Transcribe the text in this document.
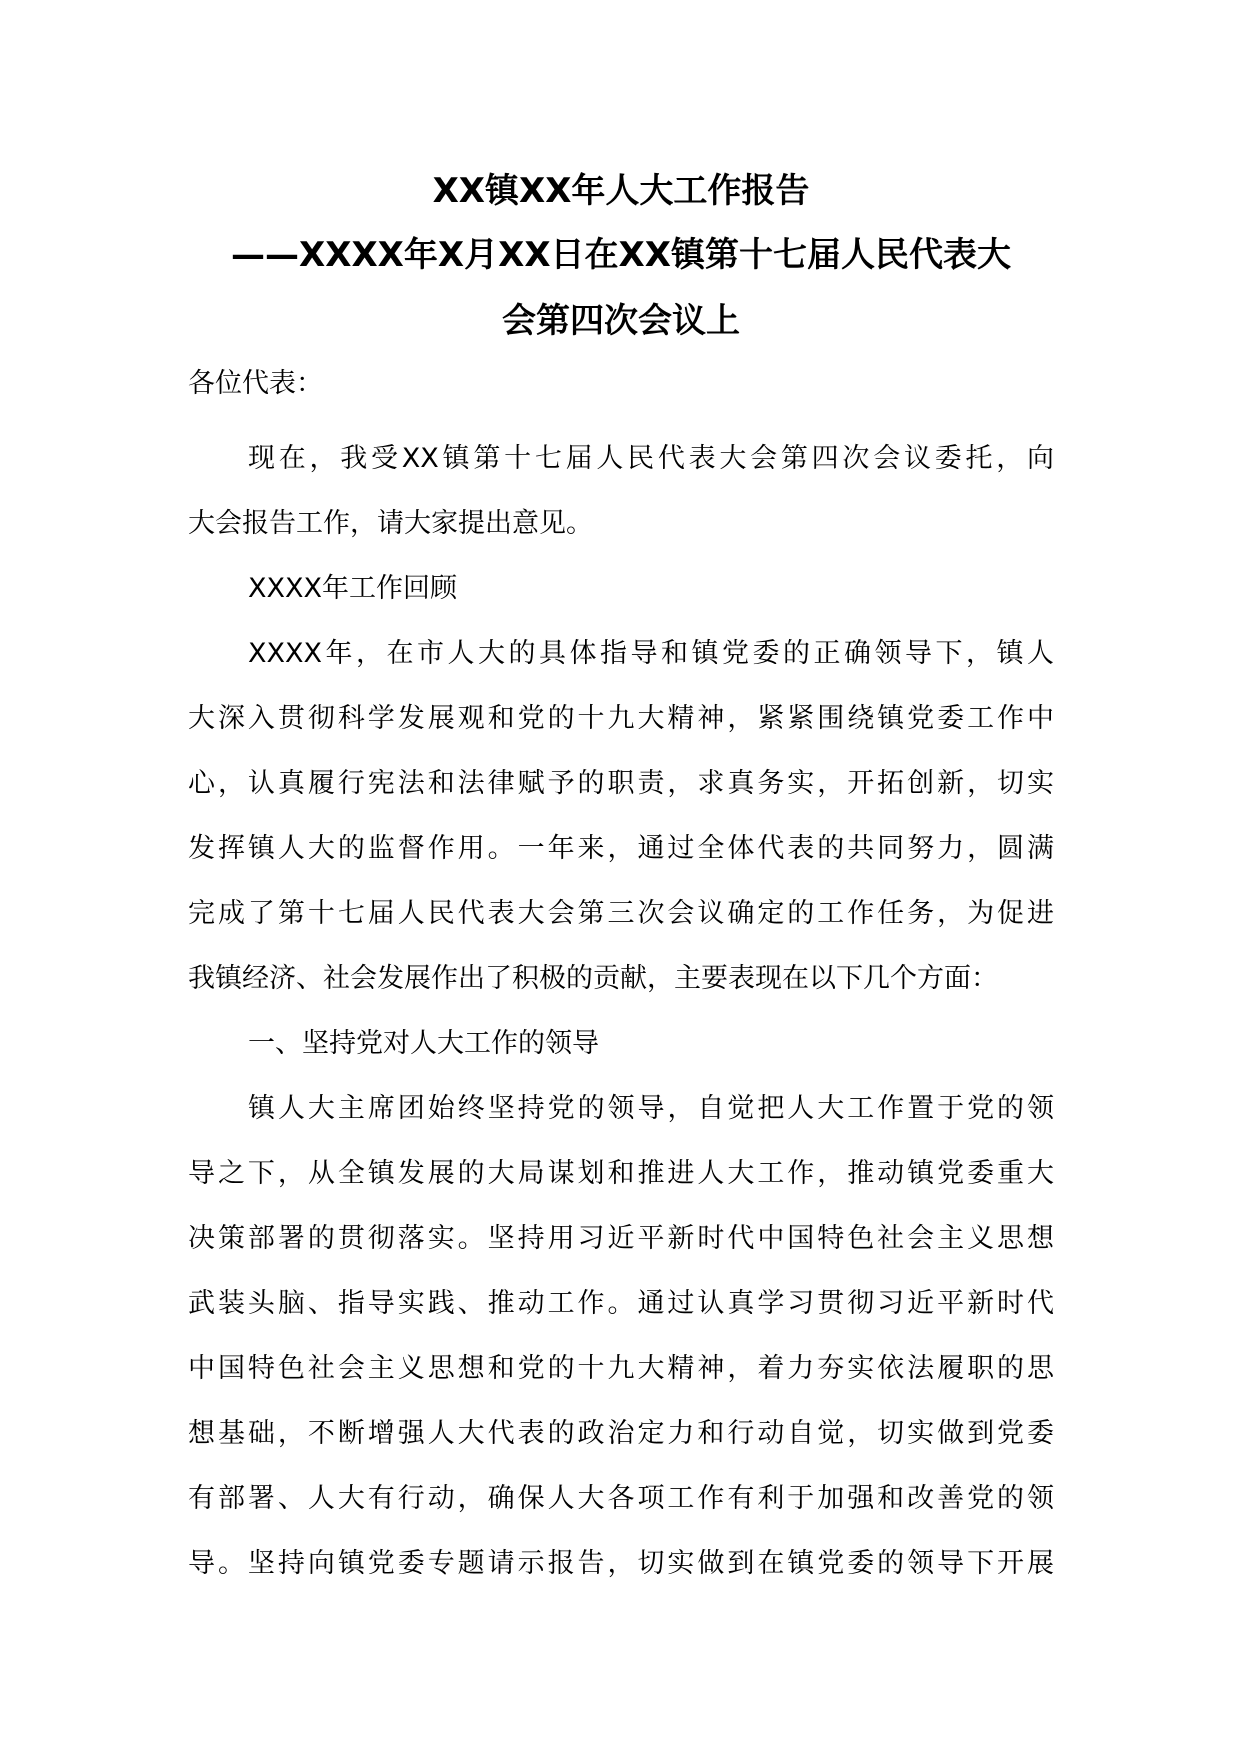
XX镇XX年人大工作报告
——XXXX年X月XX日在XX镇第十七届人民代表大
会第四次会议上
各位代表：
现在，我受XX镇第十七届人民代表大会第四次会议委托，向
大会报告工作，请大家提出意见。
XXXX年工作回顾
XXXX年，在市人大的具体指导和镇党委的正确领导下，镇人
大深入贯彻科学发展观和党的十九大精神，紧紧围绕镇党委工作中
心，认真履行宪法和法律赋予的职责，求真务实，开拓创新，切实
发挥镇人大的监督作用。一年来，通过全体代表的共同努力，圆满
完成了第十七届人民代表大会第三次会议确定的工作任务，为促进
我镇经济、社会发展作出了积极的贡献，主要表现在以下几个方面：
一、坚持党对人大工作的领导
镇人大主席团始终坚持党的领导，自觉把人大工作置于党的领
导之下，从全镇发展的大局谋划和推进人大工作，推动镇党委重大
决策部署的贯彻落实。坚持用习近平新时代中国特色社会主义思想
武装头脑、指导实践、推动工作。通过认真学习贯彻习近平新时代
中国特色社会主义思想和党的十九大精神，着力夯实依法履职的思
想基础，不断增强人大代表的政治定力和行动自觉，切实做到党委
有部署、人大有行动，确保人大各项工作有利于加强和改善党的领
导。坚持向镇党委专题请示报告，切实做到在镇党委的领导下开展
